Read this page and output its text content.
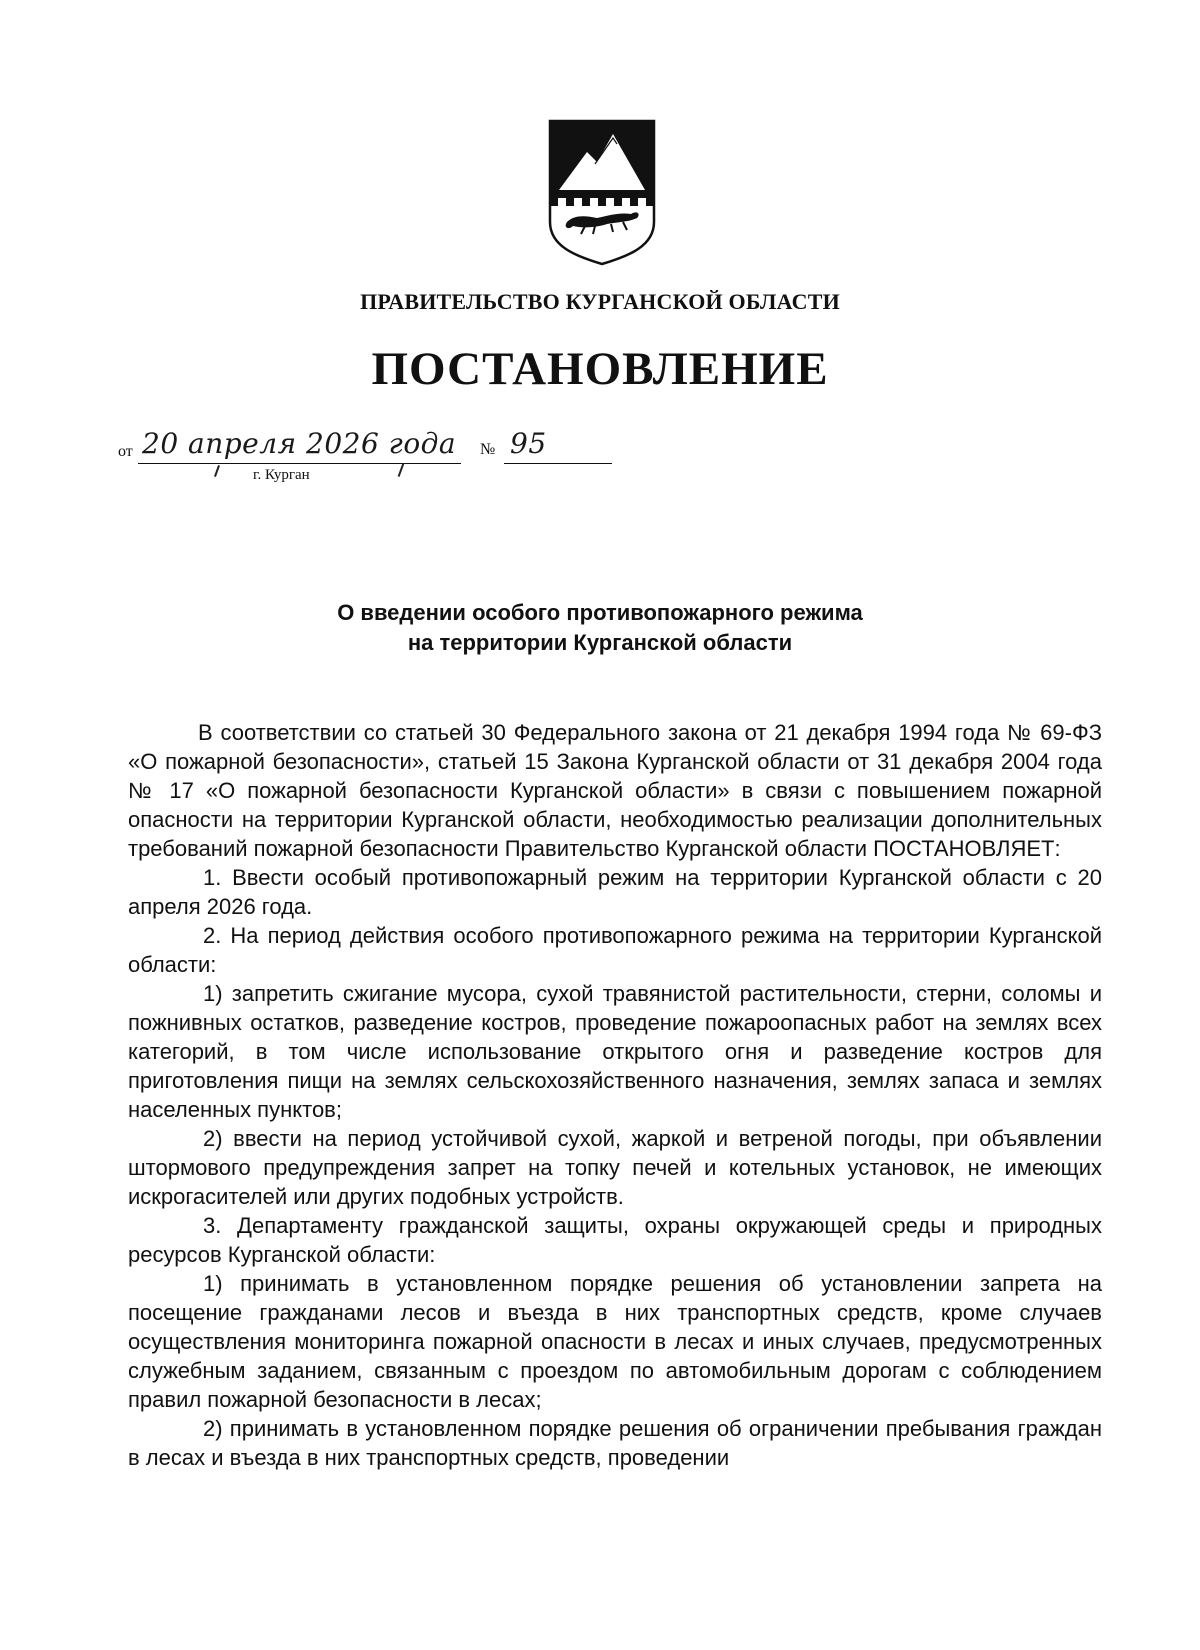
ПРАВИТЕЛЬСТВО КУРГАНСКОЙ ОБЛАСТИ
ПОСТАНОВЛЕНИЕ
от 20 апреля 2026 года № 95
г. Курган
О введении особого противопожарного режима
на территории Курганской области

В соответствии со статьей 30 Федерального закона от 21 декабря 1994 года № 69-ФЗ «О пожарной безопасности», статьей 15 Закона Курганской области от 31 декабря 2004 года № 17 «О пожарной безопасности Курганской области» в связи с повышением пожарной опасности на территории Курганской области, необходимостью реализации дополнительных требований пожарной безопасности Правительство Курганской области ПОСТАНОВЛЯЕТ:

1. Ввести особый противопожарный режим на территории Курганской области с 20 апреля 2026 года.

2. На период действия особого противопожарного режима на территории Курганской области:

1) запретить сжигание мусора, сухой травянистой растительности, стерни, соломы и пожнивных остатков, разведение костров, проведение пожароопасных работ на землях всех категорий, в том числе использование открытого огня и разведение костров для приготовления пищи на землях сельскохозяйственного назначения, землях запаса и землях населенных пунктов;

2) ввести на период устойчивой сухой, жаркой и ветреной погоды, при объявлении штормового предупреждения запрет на топку печей и котельных установок, не имеющих искрогасителей или других подобных устройств.

3. Департаменту гражданской защиты, охраны окружающей среды и природных ресурсов Курганской области:

1) принимать в установленном порядке решения об установлении запрета на посещение гражданами лесов и въезда в них транспортных средств, кроме случаев осуществления мониторинга пожарной опасности в лесах и иных случаев, предусмотренных служебным заданием, связанным с проездом по автомобильным дорогам с соблюдением правил пожарной безопасности в лесах;

2) принимать в установленном порядке решения об ограничении пребывания граждан в лесах и въезда в них транспортных средств, проведении
